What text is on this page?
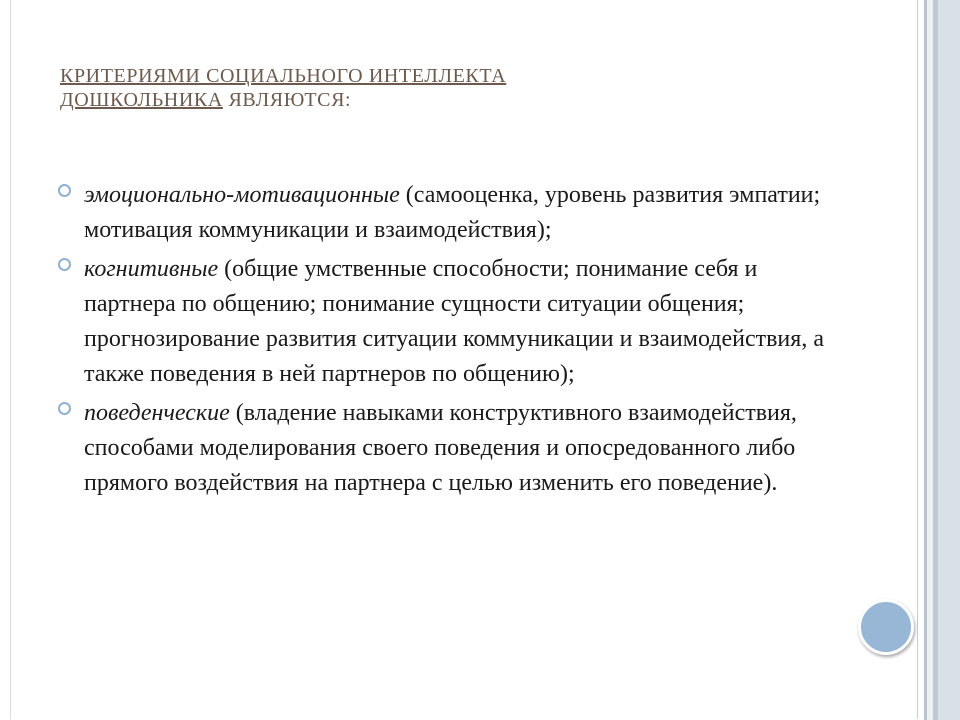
КРИТЕРИЯМИ СОЦИАЛЬНОГО ИНТЕЛЛЕКТА ДОШКОЛЬНИКА ЯВЛЯЮТСЯ:
эмоционально-мотивационные (самооценка, уровень развития эмпатии; мотивация коммуникации и взаимодействия);
когнитивные (общие умственные способности; понимание себя и партнера по общению; понимание сущности ситуации общения; прогнозирование развития ситуации коммуникации и взаимодействия, а также поведения в ней партнеров по общению);
поведенческие (владение навыками конструктивного взаимодействия, способами моделирования своего поведения и опосредованного либо прямого воздействия на партнера с целью изменить его поведение).
